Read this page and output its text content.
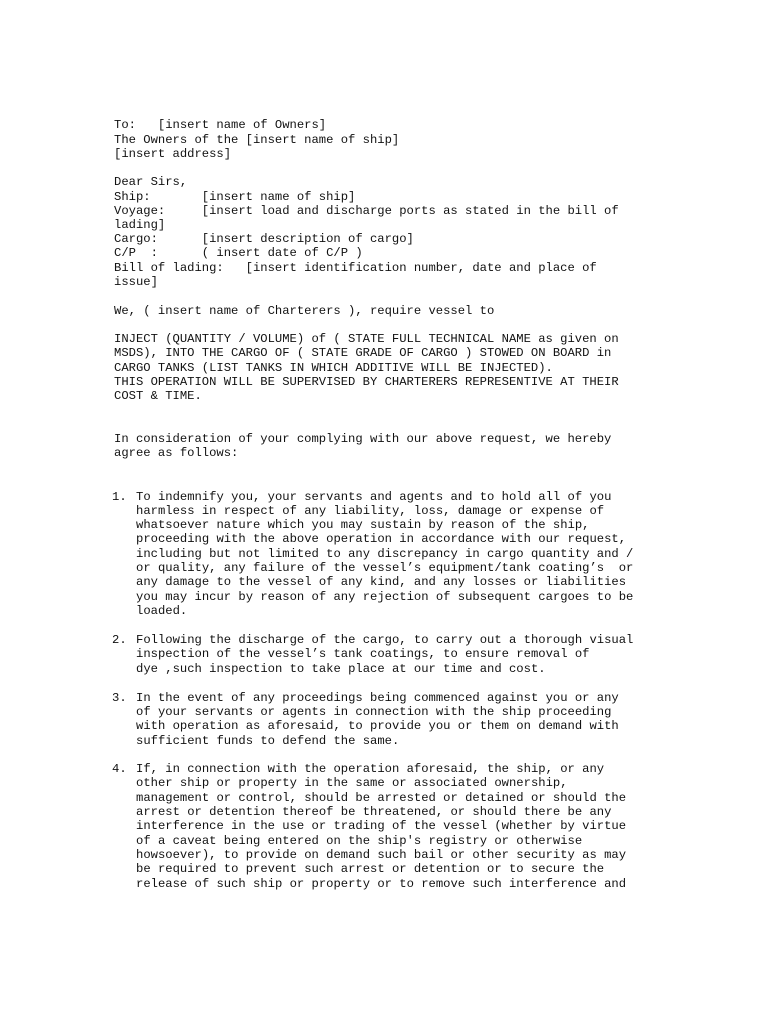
To:   [insert name of Owners]
The Owners of the [insert name of ship]
[insert address]
Dear Sirs,
Ship:       [insert name of ship]
Voyage:     [insert load and discharge ports as stated in the bill of
lading]
Cargo:      [insert description of cargo]
C/P  :      ( insert date of C/P )
Bill of lading:   [insert identification number, date and place of
issue]
We, ( insert name of Charterers ), require vessel to
INJECT (QUANTITY / VOLUME) of ( STATE FULL TECHNICAL NAME as given on
MSDS), INTO THE CARGO OF ( STATE GRADE OF CARGO ) STOWED ON BOARD in
CARGO TANKS (LIST TANKS IN WHICH ADDITIVE WILL BE INJECTED).
THIS OPERATION WILL BE SUPERVISED BY CHARTERERS REPRESENTIVE AT THEIR
COST & TIME.
In consideration of your complying with our above request, we hereby
agree as follows:
1. To indemnify you, your servants and agents and to hold all of you
harmless in respect of any liability, loss, damage or expense of
whatsoever nature which you may sustain by reason of the ship,
proceeding with the above operation in accordance with our request,
including but not limited to any discrepancy in cargo quantity and /
or quality, any failure of the vessel’s equipment/tank coating’s  or
any damage to the vessel of any kind, and any losses or liabilities
you may incur by reason of any rejection of subsequent cargoes to be
loaded.
2. Following the discharge of the cargo, to carry out a thorough visual
inspection of the vessel’s tank coatings, to ensure removal of
dye ,such inspection to take place at our time and cost.
3. In the event of any proceedings being commenced against you or any
of your servants or agents in connection with the ship proceeding
with operation as aforesaid, to provide you or them on demand with
sufficient funds to defend the same.
4. If, in connection with the operation aforesaid, the ship, or any
other ship or property in the same or associated ownership,
management or control, should be arrested or detained or should the
arrest or detention thereof be threatened, or should there be any
interference in the use or trading of the vessel (whether by virtue
of a caveat being entered on the ship's registry or otherwise
howsoever), to provide on demand such bail or other security as may
be required to prevent such arrest or detention or to secure the
release of such ship or property or to remove such interference and
